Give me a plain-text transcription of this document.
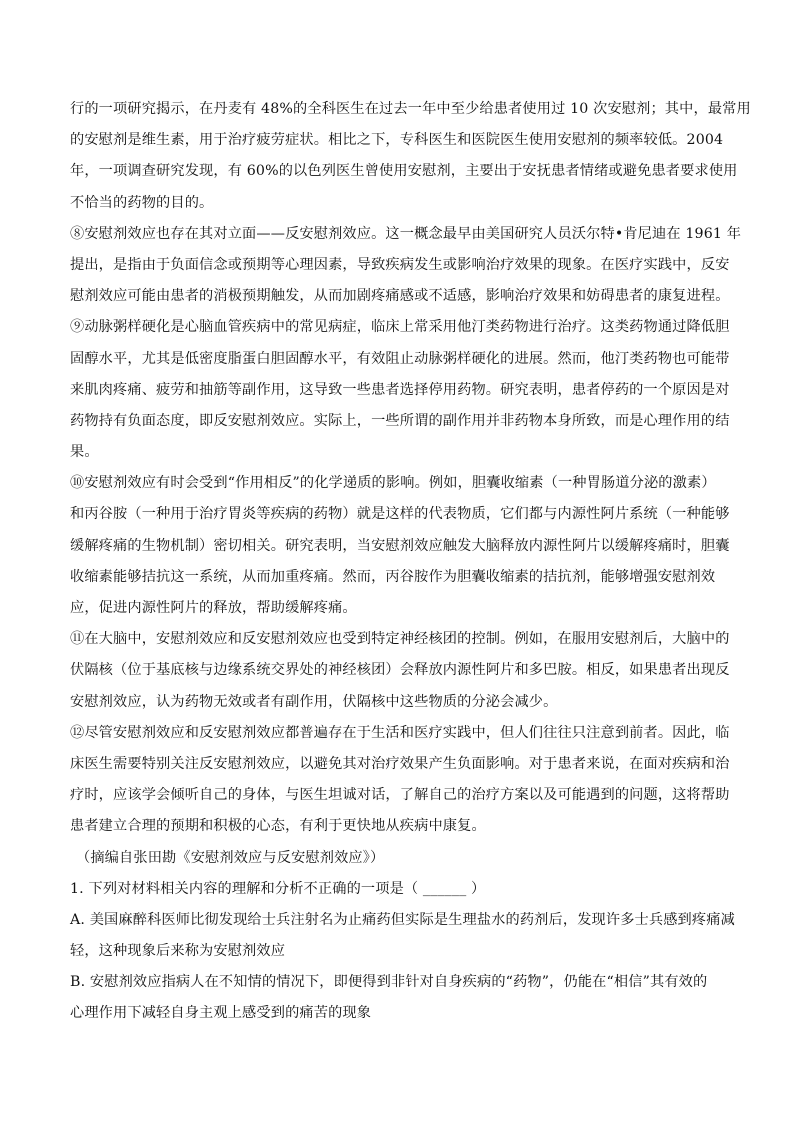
行的一项研究揭示，在丹麦有 48%的全科医生在过去一年中至少给患者使用过 10 次安慰剂；其中，最常用
的安慰剂是维生素，用于治疗疲劳症状。相比之下，专科医生和医院医生使用安慰剂的频率较低。2004
年，一项调查研究发现，有 60%的以色列医生曾使用安慰剂，主要出于安抚患者情绪或避免患者要求使用
不恰当的药物的目的。
⑧安慰剂效应也存在其对立面——反安慰剂效应。这一概念最早由美国研究人员沃尔特•肯尼迪在 1961 年
提出，是指由于负面信念或预期等心理因素，导致疾病发生或影响治疗效果的现象。在医疗实践中，反安
慰剂效应可能由患者的消极预期触发，从而加剧疼痛感或不适感，影响治疗效果和妨碍患者的康复进程。
⑨动脉粥样硬化是心脑血管疾病中的常见病症，临床上常采用他汀类药物进行治疗。这类药物通过降低胆
固醇水平，尤其是低密度脂蛋白胆固醇水平，有效阻止动脉粥样硬化的进展。然而，他汀类药物也可能带
来肌肉疼痛、疲劳和抽筋等副作用，这导致一些患者选择停用药物。研究表明，患者停药的一个原因是对
药物持有负面态度，即反安慰剂效应。实际上，一些所谓的副作用并非药物本身所致，而是心理作用的结
果。
⑩安慰剂效应有时会受到“作用相反”的化学递质的影响。例如，胆囊收缩素（一种胃肠道分泌的激素）
和丙谷胺（一种用于治疗胃炎等疾病的药物）就是这样的代表物质，它们都与内源性阿片系统（一种能够
缓解疼痛的生物机制）密切相关。研究表明，当安慰剂效应触发大脑释放内源性阿片以缓解疼痛时，胆囊
收缩素能够拮抗这一系统，从而加重疼痛。然而，丙谷胺作为胆囊收缩素的拮抗剂，能够增强安慰剂效
应，促进内源性阿片的释放，帮助缓解疼痛。
⑪在大脑中，安慰剂效应和反安慰剂效应也受到特定神经核团的控制。例如，在服用安慰剂后，大脑中的
伏隔核（位于基底核与边缘系统交界处的神经核团）会释放内源性阿片和多巴胺。相反，如果患者出现反
安慰剂效应，认为药物无效或者有副作用，伏隔核中这些物质的分泌会减少。
⑫尽管安慰剂效应和反安慰剂效应都普遍存在于生活和医疗实践中，但人们往往只注意到前者。因此，临
床医生需要特别关注反安慰剂效应，以避免其对治疗效果产生负面影响。对于患者来说，在面对疾病和治
疗时，应该学会倾听自己的身体，与医生坦诚对话，了解自己的治疗方案以及可能遇到的问题，这将帮助
患者建立合理的预期和积极的心态，有利于更快地从疾病中康复。
（摘编自张田勘《安慰剂效应与反安慰剂效应》）
1. 下列对材料相关内容的理解和分析不正确的一项是（ ______ ）
A. 美国麻醉科医师比彻发现给士兵注射名为止痛药但实际是生理盐水的药剂后，发现许多士兵感到疼痛减
轻，这种现象后来称为安慰剂效应
B. 安慰剂效应指病人在不知情的情况下，即便得到非针对自身疾病的“药物”，仍能在“相信”其有效的
心理作用下减轻自身主观上感受到的痛苦的现象
